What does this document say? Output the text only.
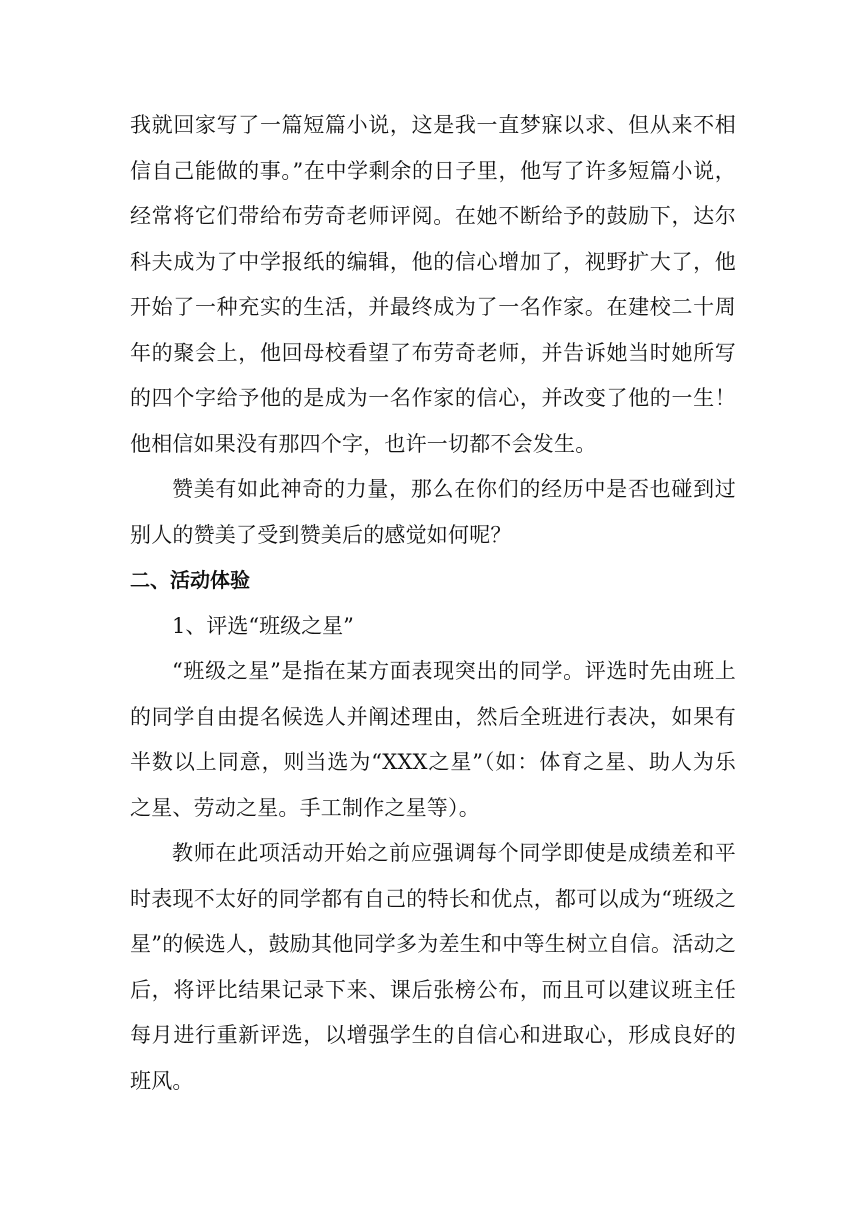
我就回家写了一篇短篇小说，这是我一直梦寐以求、但从来不相信自己能做的事。”在中学剩余的日子里，他写了许多短篇小说，经常将它们带给布劳奇老师评阅。在她不断给予的鼓励下，达尔科夫成为了中学报纸的编辑，他的信心增加了，视野扩大了，他开始了一种充实的生活，并最终成为了一名作家。在建校二十周年的聚会上，他回母校看望了布劳奇老师，并告诉她当时她所写的四个字给予他的是成为一名作家的信心，并改变了他的一生！他相信如果没有那四个字，也许一切都不会发生。

赞美有如此神奇的力量，那么在你们的经历中是否也碰到过别人的赞美了受到赞美后的感觉如何呢？

二、活动体验

1、评选“班级之星”

“班级之星”是指在某方面表现突出的同学。评选时先由班上的同学自由提名候选人并阐述理由，然后全班进行表决，如果有半数以上同意，则当选为“XXX之星”（如：体育之星、助人为乐之星、劳动之星。手工制作之星等）。

教师在此项活动开始之前应强调每个同学即使是成绩差和平时表现不太好的同学都有自己的特长和优点，都可以成为“班级之星”的候选人，鼓励其他同学多为差生和中等生树立自信。活动之后，将评比结果记录下来、课后张榜公布，而且可以建议班主任每月进行重新评选，以增强学生的自信心和进取心，形成良好的班风。
